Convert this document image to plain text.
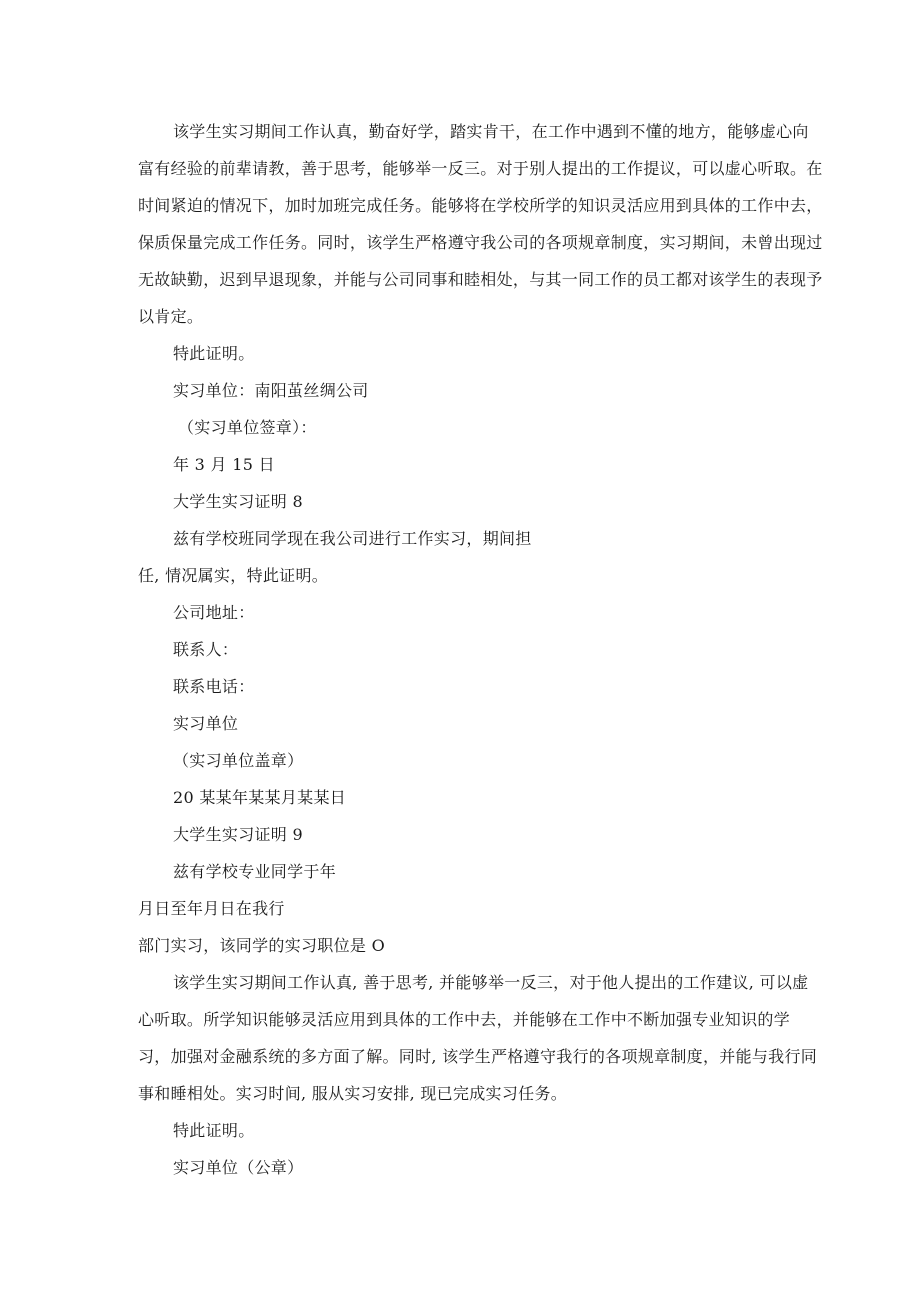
该学生实习期间工作认真，勤奋好学，踏实肯干，在工作中遇到不懂的地方，能够虚心向
富有经验的前辈请教，善于思考，能够举一反三。对于别人提出的工作提议，可以虚心听取。在
时间紧迫的情况下，加时加班完成任务。能够将在学校所学的知识灵活应用到具体的工作中去，
保质保量完成工作任务。同时，该学生严格遵守我公司的各项规章制度，实习期间，未曾出现过
无故缺勤，迟到早退现象，并能与公司同事和睦相处，与其一同工作的员工都对该学生的表现予
以肯定。
特此证明。
实习单位：南阳茧丝绸公司
（实习单位签章）：
年 3 月 15 日
大学生实习证明 8
兹有学校班同学现在我公司进行工作实习，期间担
任, 情况属实，特此证明。
公司地址：
联系人：
联系电话：
实习单位
（实习单位盖章）
20 某某年某某月某某日
大学生实习证明 9
兹有学校专业同学于年
月日至年月日在我行
部门实习，该同学的实习职位是 O
该学生实习期间工作认真, 善于思考, 并能够举一反三，对于他人提出的工作建议, 可以虚
心听取。所学知识能够灵活应用到具体的工作中去，并能够在工作中不断加强专业知识的学
习，加强对金融系统的多方面了解。同时, 该学生严格遵守我行的各项规章制度，并能与我行同
事和睡相处。实习时间, 服从实习安排, 现已完成实习任务。
特此证明。
实习单位（公章）
